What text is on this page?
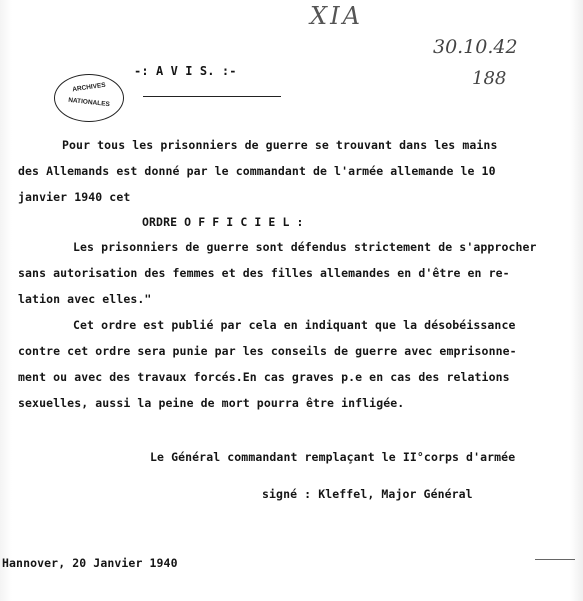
XIA
30.10.42
188
ARCHIVES
NATIONALES
-: A V I S. :-
Pour tous les prisonniers de guerre se trouvant dans les mains
des Allemands est donné par le commandant de l'armée allemande le 10
janvier 1940 cet
ORDRE O F F I C I E L :
Les prisonniers de guerre sont défendus strictement de s'approcher
sans autorisation des femmes et des filles allemandes en d'être en re-
lation avec elles."
Cet ordre est publié par cela en indiquant que la désobéissance
contre cet ordre sera punie par les conseils de guerre avec emprisonne-
ment ou avec des travaux forcés.En cas graves p.e en cas des relations
sexuelles, aussi la peine de mort pourra être infligée.
Le Général commandant remplaçant le II°corps d'armée
signé : Kleffel, Major Général
Hannover, 20 Janvier 1940
